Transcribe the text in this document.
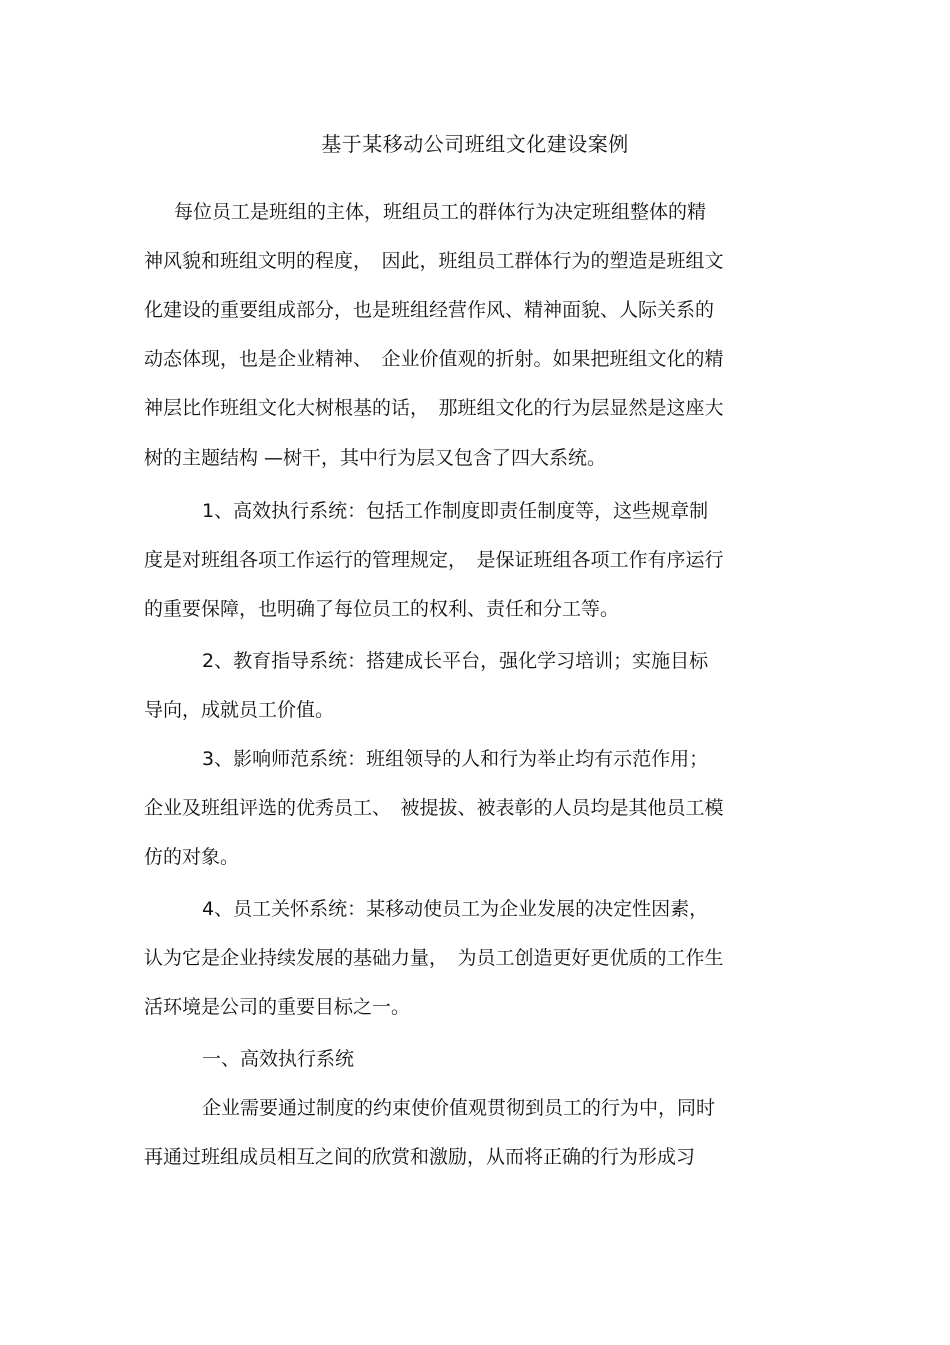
基于某移动公司班组文化建设案例
每位员工是班组的主体，班组员工的群体行为决定班组整体的精
神风貌和班组文明的程度，　因此，班组员工群体行为的塑造是班组文
化建设的重要组成部分，也是班组经营作风、精神面貌、人际关系的
动态体现，也是企业精神、　企业价值观的折射。如果把班组文化的精
神层比作班组文化大树根基的话，　那班组文化的行为层显然是这座大
树的主题结构 —树干，其中行为层又包含了四大系统。
1、高效执行系统：包括工作制度即责任制度等，这些规章制
度是对班组各项工作运行的管理规定，　是保证班组各项工作有序运行
的重要保障，也明确了每位员工的权利、责任和分工等。
2、教育指导系统：搭建成长平台，强化学习培训；实施目标
导向，成就员工价值。
3、影响师范系统：班组领导的人和行为举止均有示范作用；
企业及班组评选的优秀员工、　被提拔、被表彰的人员均是其他员工模
仿的对象。
4、员工关怀系统：某移动使员工为企业发展的决定性因素，
认为它是企业持续发展的基础力量，　为员工创造更好更优质的工作生
活环境是公司的重要目标之一。
一、高效执行系统
企业需要通过制度的约束使价值观贯彻到员工的行为中，同时
再通过班组成员相互之间的欣赏和激励，从而将正确的行为形成习
